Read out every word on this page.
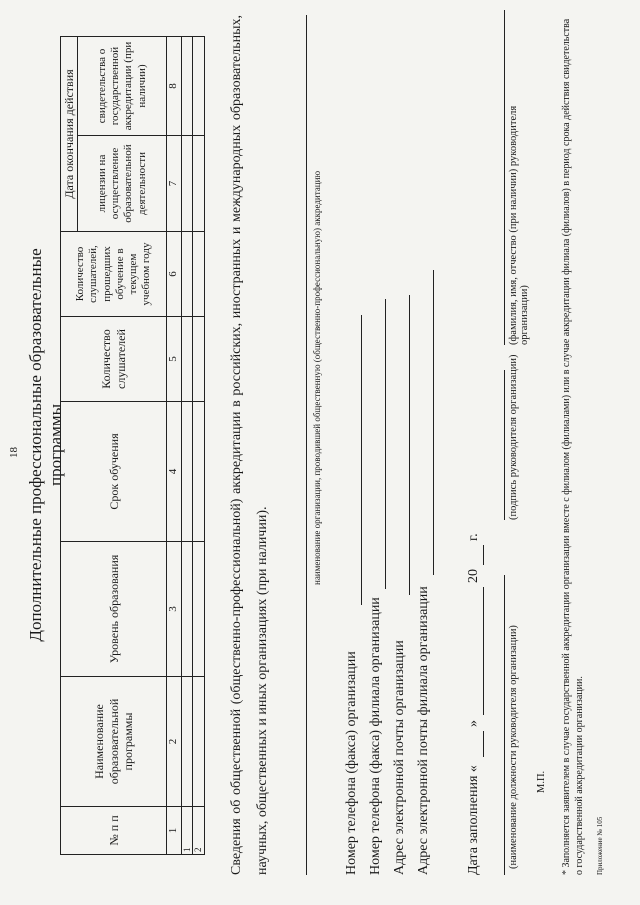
18 Дополнительные профессиональные образовательные программы
№ п п	Наименование образовательной программы	Уровень образования	Срок обучения	Количество слушателей	Количество слушателей, прошедших обучение в текущем учебном году	Дата окончания действия	
						лицензии на осуществление образовательной деятельности	свидетельства о государственной аккредитации (при наличии)
1	2	3	4	5	6	7	8
1							
2								Сведения об общественной (общественно-профессиональной) аккредитации в российских, иностранных и международных образовательных, научных, общественных и иных организациях (при наличии).
наименование организации, проводившей общественную (общественно-профессиональную) аккредитацию
Номер телефона (факса) организации Номер телефона (факса) филиала организации Адрес электронной почты организации Адрес электронной почты филиала организации	Дата заполнения «
»
20
г.
(наименование должности руководителя организации)
(подпись руководителя организации)
(фамилия, имя, отчество (при наличии) руководителя организации)
М.П. * Заполняется заявителем в случае государственной аккредитации организации вместе с филиалом (филиалами) или в случае аккредитации филиала (филиалов) в период срока действия свидетельства о государственной аккредитации организации. Приложение № 105
